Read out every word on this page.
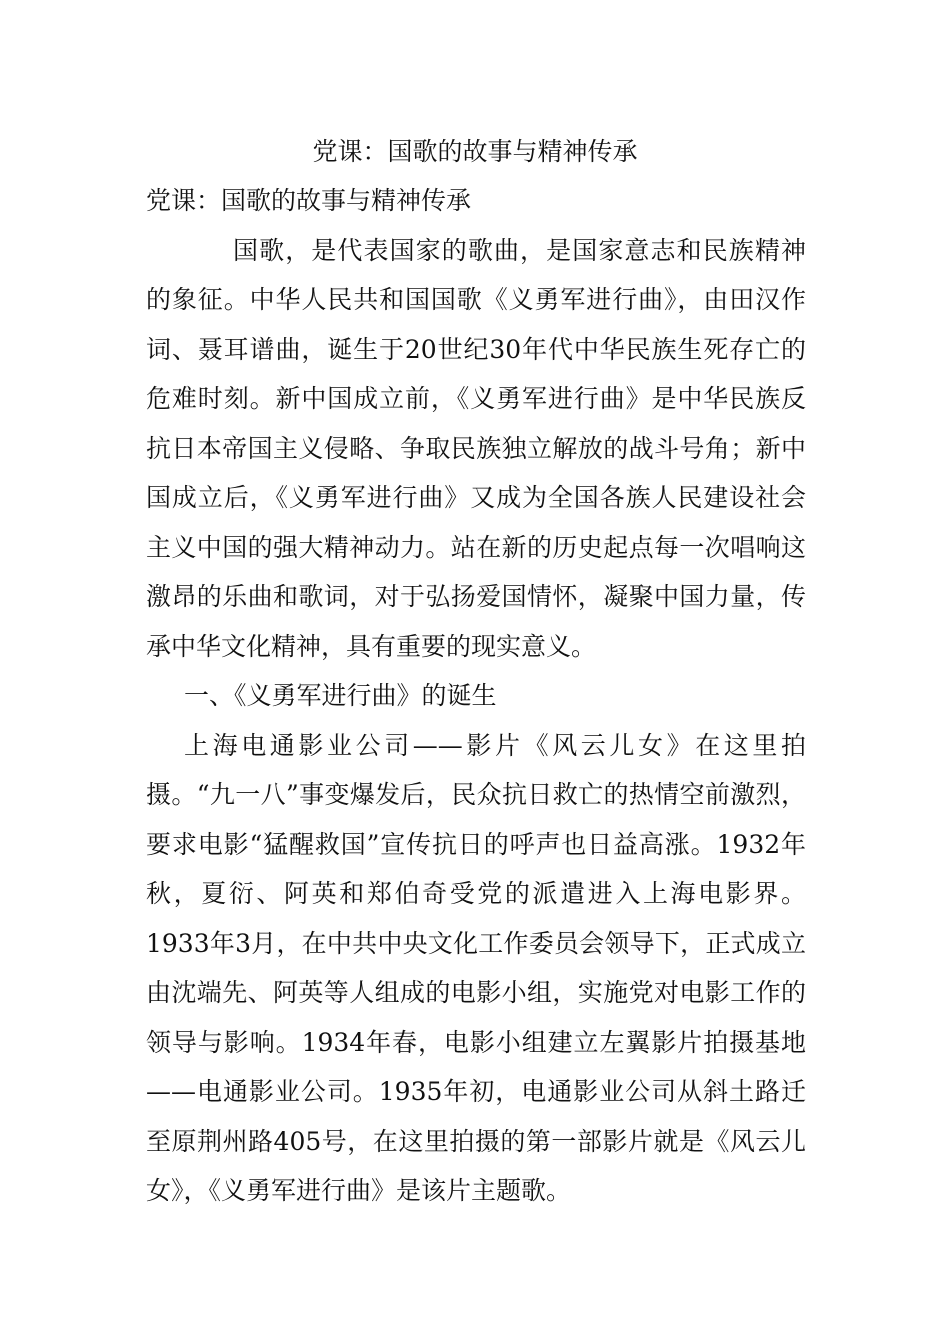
党课：国歌的故事与精神传承

党课：国歌的故事与精神传承

国歌，是代表国家的歌曲，是国家意志和民族精神的象征。中华人民共和国国歌《义勇军进行曲》，由田汉作词、聂耳谱曲，诞生于20世纪30年代中华民族生死存亡的危难时刻。新中国成立前，《义勇军进行曲》是中华民族反抗日本帝国主义侵略、争取民族独立解放的战斗号角；新中国成立后，《义勇军进行曲》又成为全国各族人民建设社会主义中国的强大精神动力。站在新的历史起点每一次唱响这激昂的乐曲和歌词，对于弘扬爱国情怀，凝聚中国力量，传承中华文化精神，具有重要的现实意义。

一、《义勇军进行曲》的诞生

上海电通影业公司——影片《风云儿女》在这里拍摄。“九一八”事变爆发后，民众抗日救亡的热情空前激烈，要求电影“猛醒救国”宣传抗日的呼声也日益高涨。1932年秋，夏衍、阿英和郑伯奇受党的派遣进入上海电影界。1933年3月，在中共中央文化工作委员会领导下，正式成立由沈端先、阿英等人组成的电影小组，实施党对电影工作的领导与影响。1934年春，电影小组建立左翼影片拍摄基地——电通影业公司。1935年初，电通影业公司从斜土路迁至原荆州路405号，在这里拍摄的第一部影片就是《风云儿女》，《义勇军进行曲》是该片主题歌。
